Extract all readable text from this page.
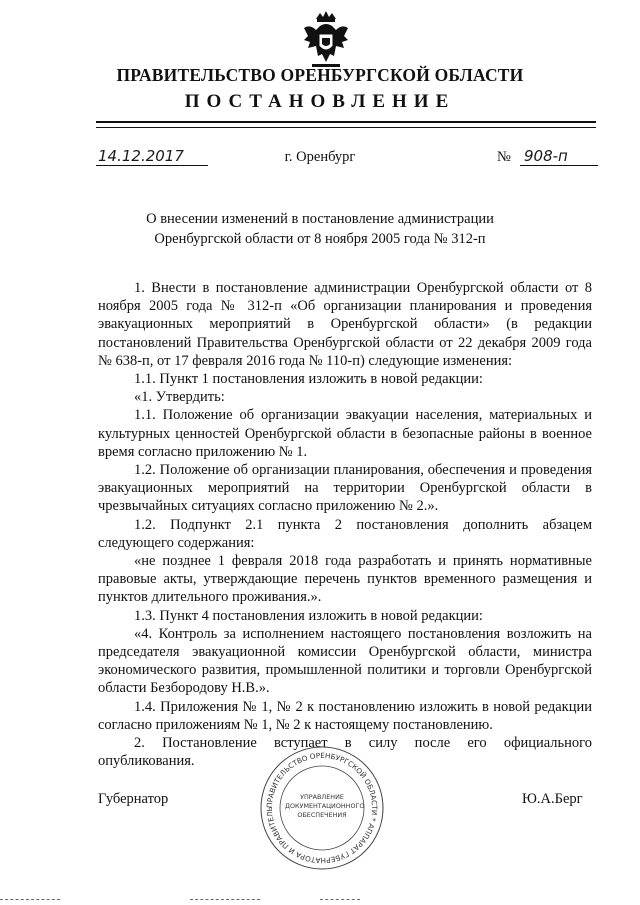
ПРАВИТЕЛЬСТВО ОРЕНБУРГСКОЙ ОБЛАСТИ
ПОСТАНОВЛЕНИЕ
14.12.2017	г. Оренбург	№ 908-п
О внесении изменений в постановление администрации
Оренбургской области от 8 ноября 2005 года № 312-п

1. Внести в постановление администрации Оренбургской области от 8 ноября 2005 года № 312-п «Об организации планирования и проведения эвакуационных мероприятий в Оренбургской области» (в редакции постановлений Правительства Оренбургской области от 22 декабря 2009 года № 638-п, от 17 февраля 2016 года № 110-п) следующие изменения:

1.1. Пункт 1 постановления изложить в новой редакции:

«1. Утвердить:

1.1. Положение об организации эвакуации населения, материальных и культурных ценностей Оренбургской области в безопасные районы в военное время согласно приложению № 1.

1.2. Положение об организации планирования, обеспечения и проведения эвакуационных мероприятий на территории Оренбургской области в чрезвычайных ситуациях согласно приложению № 2.».

1.2. Подпункт 2.1 пункта 2 постановления дополнить абзацем следующего содержания:

«не позднее 1 февраля 2018 года разработать и принять нормативные правовые акты, утверждающие перечень пунктов временного размещения и пунктов длительного проживания.».

1.3. Пункт 4 постановления изложить в новой редакции:

«4. Контроль за исполнением настоящего постановления возложить на председателя эвакуационной комиссии Оренбургской области, министра экономического развития, промышленной политики и торговли Оренбургской области Безбородову Н.В.».

1.4. Приложения № 1, № 2 к постановлению изложить в новой редакции согласно приложениям № 1, № 2 к настоящему постановлению.

2. Постановление вступает в силу после его официального опубликования.

Губернатор	Ю.А.Берг
ПРАВИТЕЛЬСТВО ОРЕНБУРГСКОЙ ОБЛАСТИ * АППАРАТ ГУБЕРНАТОРА И ПРАВИТЕЛЬ
УПРАВЛЕНИЕ
ДОКУМЕНТАЦИОННОГО
ОБЕСПЕЧЕНИЯ
